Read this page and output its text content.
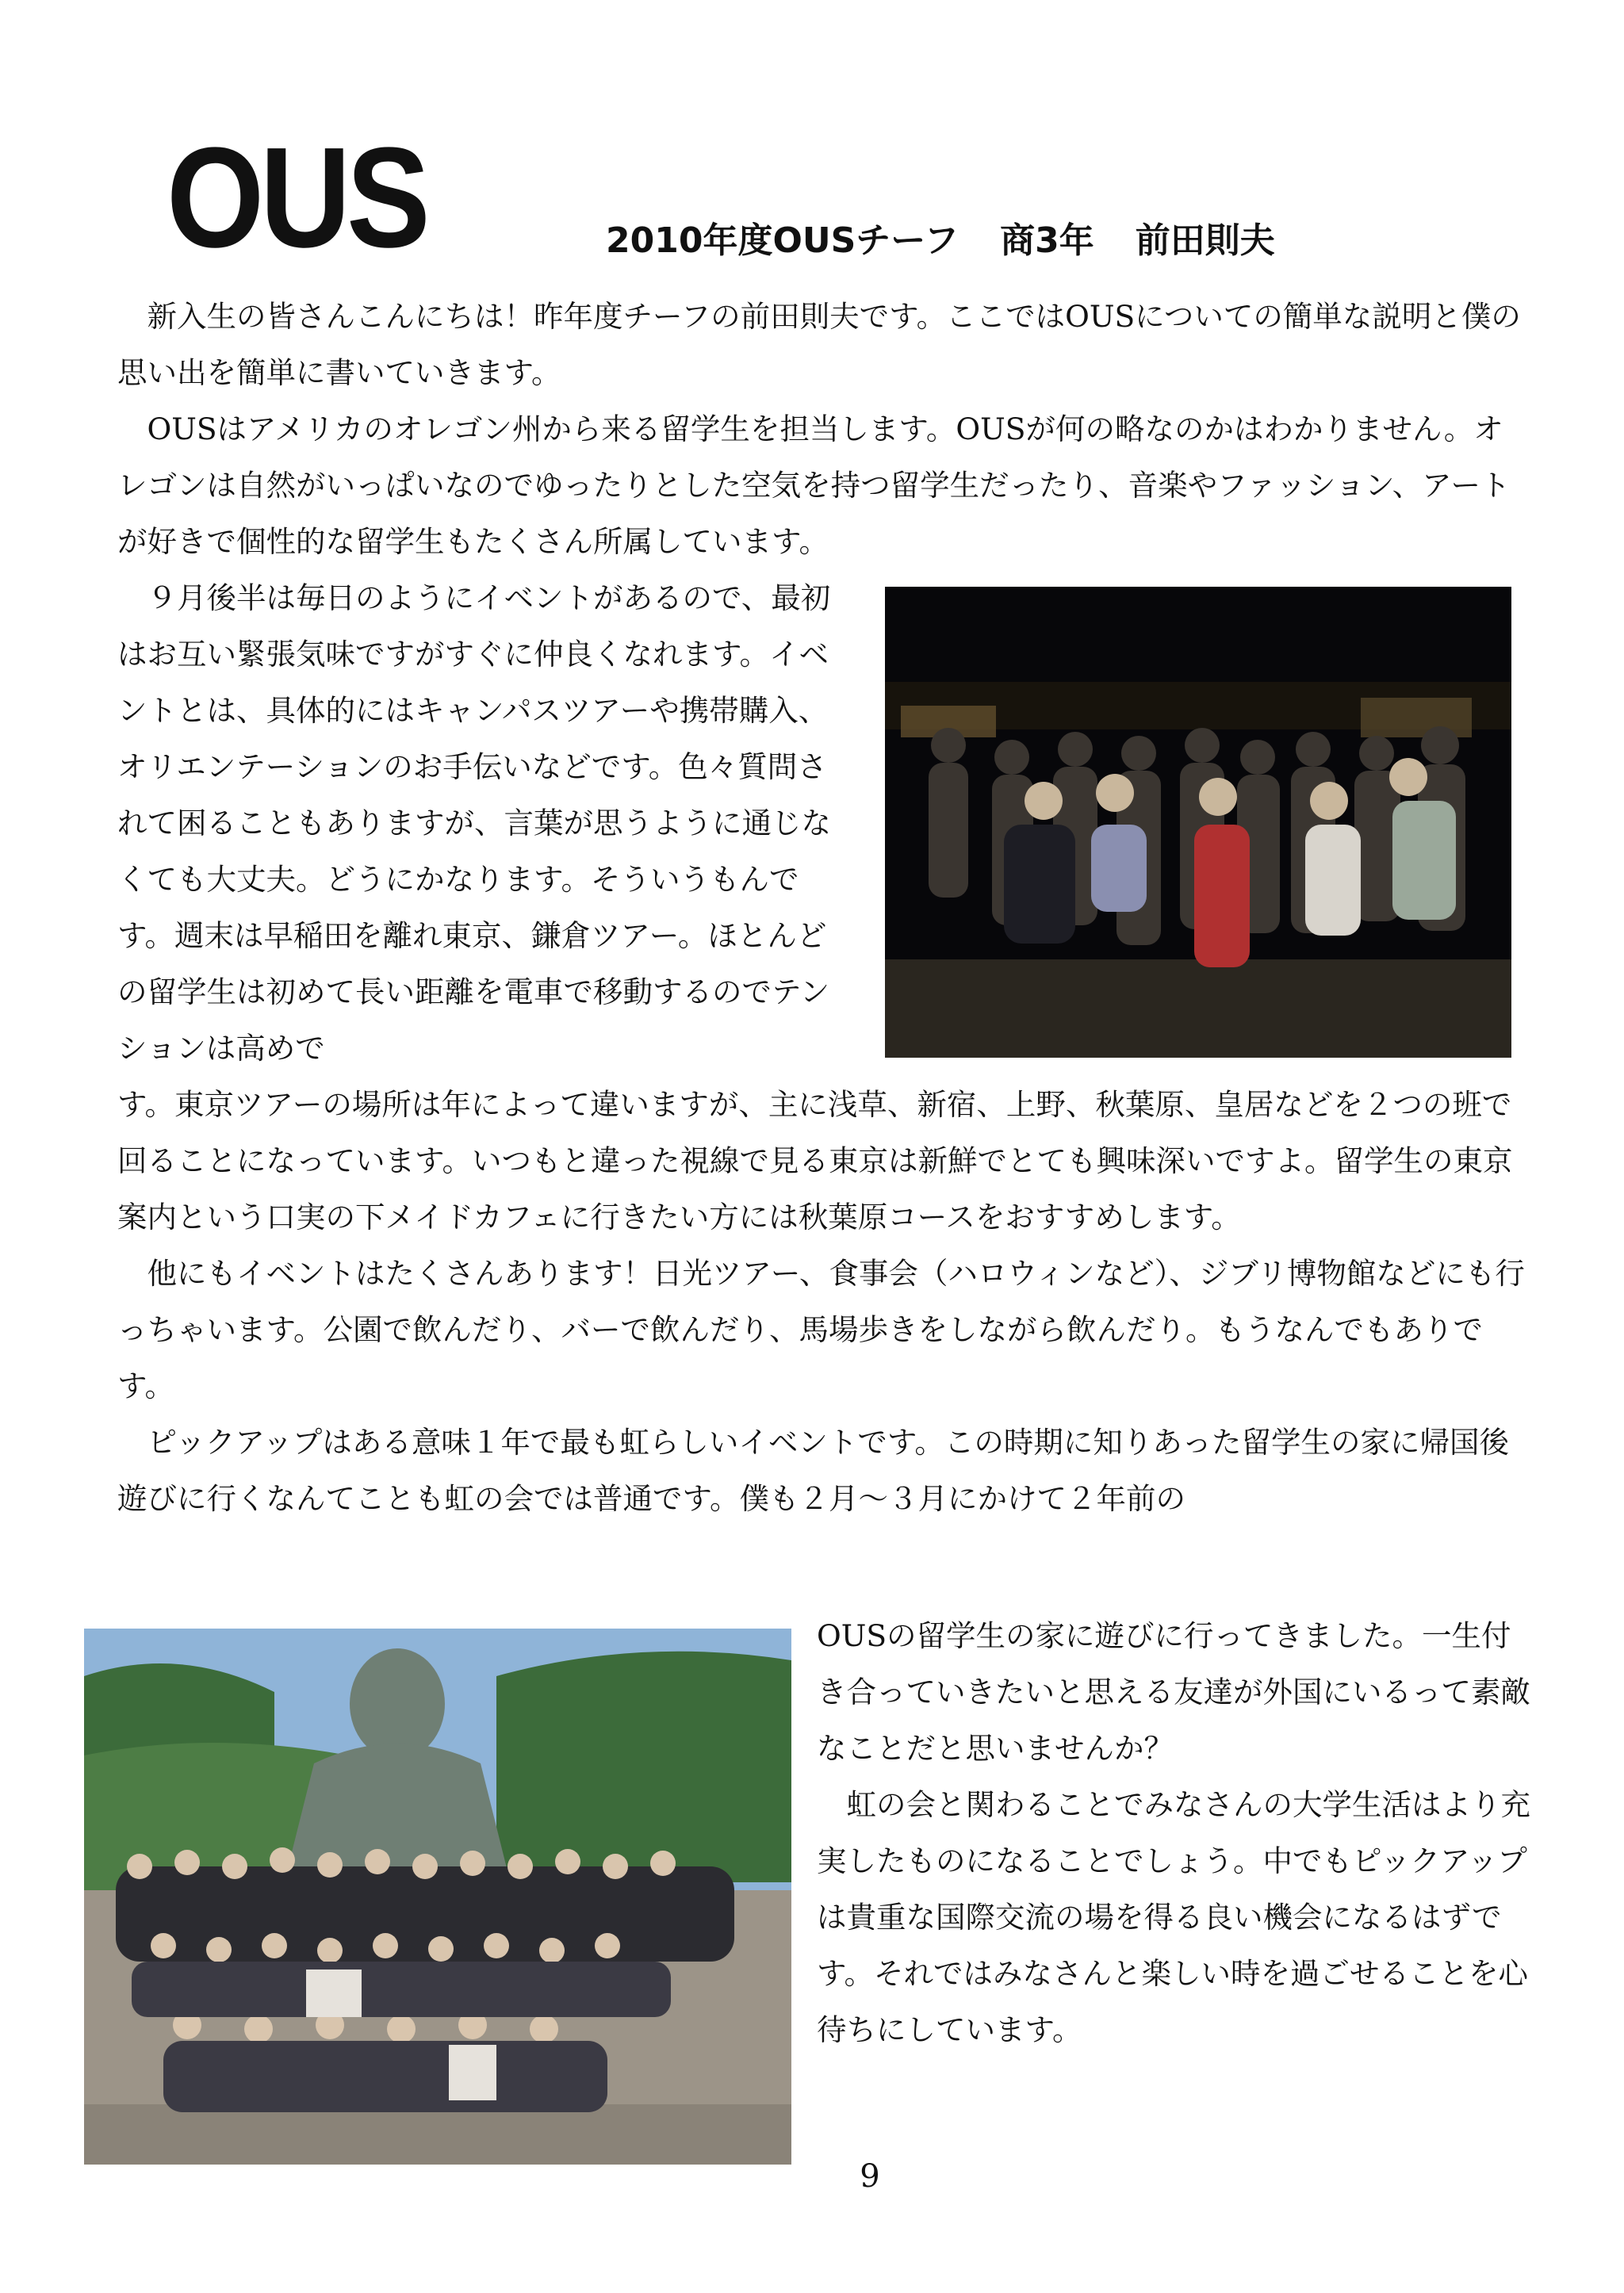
OUS	2010年度OUSチーフ 商3年 前田則夫

新入生の皆さんこんにちは！昨年度チーフの前田則夫です。ここではOUSについての簡単な説明と僕の思い出を簡単に書いていきます。

OUSはアメリカのオレゴン州から来る留学生を担当します。OUSが何の略なのかはわかりません。オレゴンは自然がいっぱいなのでゆったりとした空気を持つ留学生だったり、音楽やファッション、アートが好きで個性的な留学生もたくさん所属しています。

９月後半は毎日のようにイベントがあるので、最初はお互い緊張気味ですがすぐに仲良くなれます。イベントとは、具体的にはキャンパスツアーや携帯購入、オリエンテーションのお手伝いなどです。色々質問されて困ることもありますが、言葉が思うように通じなくても大丈夫。どうにかなります。そういうもんです。週末は早稲田を離れ東京、鎌倉ツアー。ほとんどの留学生は初めて長い距離を電車で移動するのでテンションは高めで

す。東京ツアーの場所は年によって違いますが、主に浅草、新宿、上野、秋葉原、皇居などを２つの班で回ることになっています。いつもと違った視線で見る東京は新鮮でとても興味深いですよ。留学生の東京案内という口実の下メイドカフェに行きたい方には秋葉原コースをおすすめします。

他にもイベントはたくさんあります！日光ツアー、食事会（ハロウィンなど）、ジブリ博物館などにも行っちゃいます。公園で飲んだり、バーで飲んだり、馬場歩きをしながら飲んだり。もうなんでもありです。

ピックアップはある意味１年で最も虹らしいイベントです。この時期に知りあった留学生の家に帰国後遊びに行くなんてことも虹の会では普通です。僕も２月～３月にかけて２年前の

OUSの留学生の家に遊びに行ってきました。一生付き合っていきたいと思える友達が外国にいるって素敵なことだと思いませんか？

虹の会と関わることでみなさんの大学生活はより充実したものになることでしょう。中でもピックアップは貴重な国際交流の場を得る良い機会になるはずです。それではみなさんと楽しい時を過ごせることを心待ちにしています。

9
